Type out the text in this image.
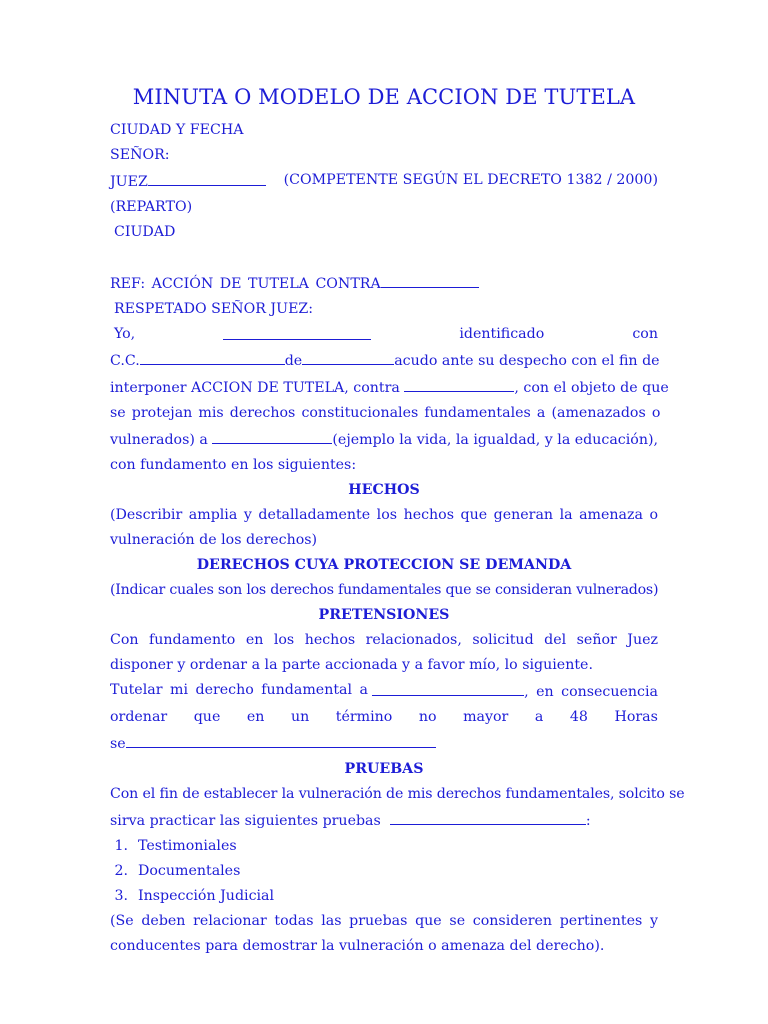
MINUTA O MODELO DE ACCION DE TUTELA

CIUDAD Y FECHA

SEÑOR:

JUEZ	(COMPETENTE SEGÚN EL DECRETO 1382 / 2000)

(REPARTO)

CIUDAD

REF: ACCIÓN DE TUTELA CONTRA

RESPETADO SEÑOR JUEZ:

Yo,	identificado	con

C.C.	de	acudo ante su despecho con el fin de

interponer ACCION DE TUTELA, contra	, con el objeto de que

se protejan mis derechos constitucionales fundamentales a (amenazados o

vulnerados) a	(ejemplo la vida, la igualdad, y la educación),

con fundamento en los siguientes:

HECHOS

(Describir amplia y detalladamente los hechos que generan la amenaza o vulneración de los derechos)

DERECHOS CUYA PROTECCION SE DEMANDA

(Indicar cuales son los derechos fundamentales que se consideran vulnerados)

PRETENSIONES

Con fundamento en los hechos relacionados, solicitud del señor Juez disponer y ordenar a la parte accionada y a favor mío, lo siguiente.

Tutelar mi derecho fundamental a	, en consecuencia

ordenar que en un término no mayor a 48 Horas

se

PRUEBAS

Con el fin de establecer la vulneración de mis derechos fundamentales, solcito se

sirva practicar las siguientes pruebas	:

1. Testimoniales
2. Documentales
3. Inspección Judicial

(Se deben relacionar todas las pruebas que se consideren pertinentes y conducentes para demostrar la vulneración o amenaza del derecho).
